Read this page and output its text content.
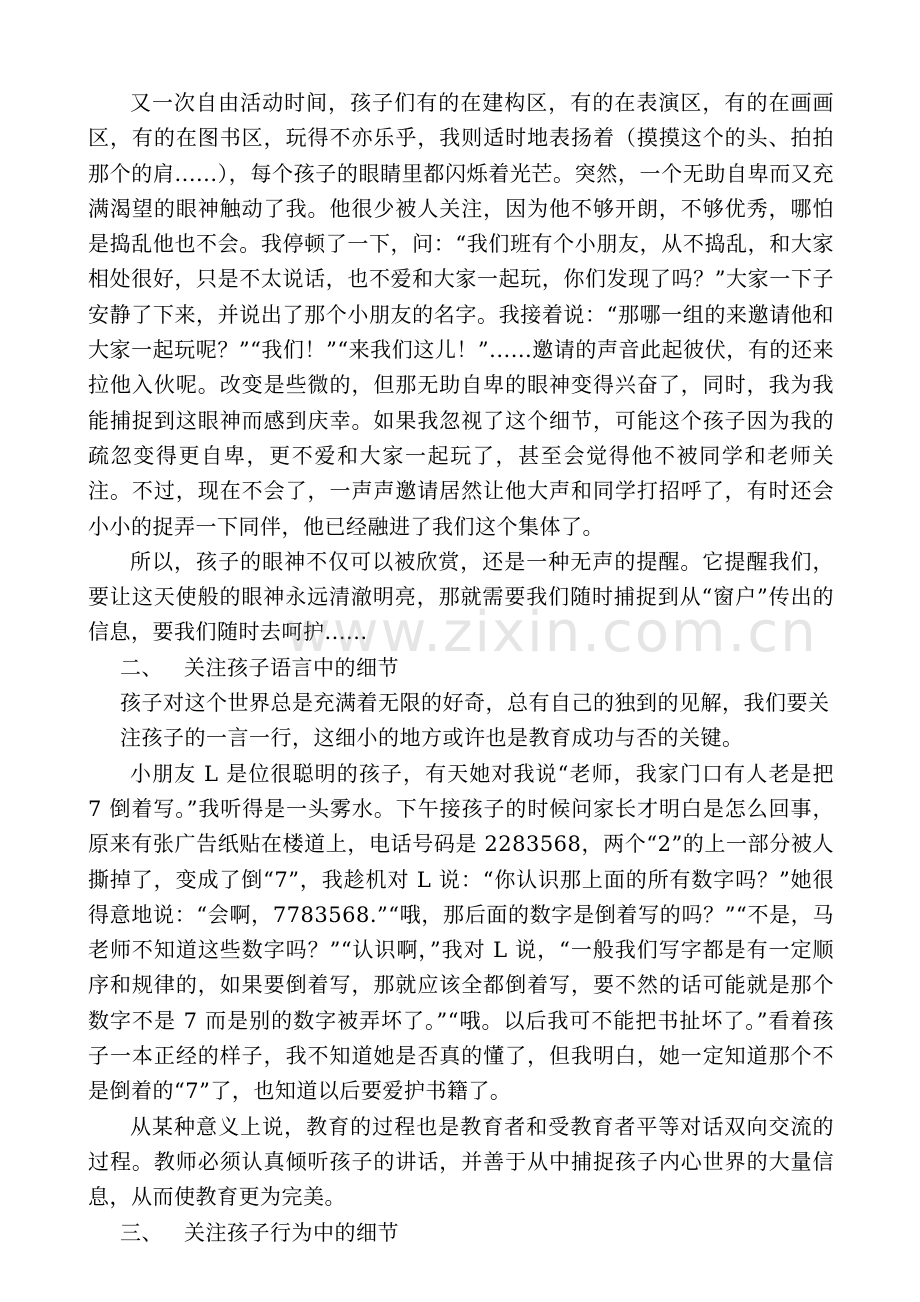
又一次自由活动时间，孩子们有的在建构区，有的在表演区，有的在画画区，有的在图书区，玩得不亦乐乎，我则适时地表扬着（摸摸这个的头、拍拍那个的肩......），每个孩子的眼睛里都闪烁着光芒。突然，一个无助自卑而又充满渴望的眼神触动了我。他很少被人关注，因为他不够开朗，不够优秀，哪怕是捣乱他也不会。我停顿了一下，问：“我们班有个小朋友，从不捣乱，和大家相处很好，只是不太说话，也不爱和大家一起玩，你们发现了吗？”大家一下子安静了下来，并说出了那个小朋友的名字。我接着说：“那哪一组的来邀请他和大家一起玩呢？”“我们！”“来我们这儿！”......邀请的声音此起彼伏，有的还来拉他入伙呢。改变是些微的，但那无助自卑的眼神变得兴奋了，同时，我为我能捕捉到这眼神而感到庆幸。如果我忽视了这个细节，可能这个孩子因为我的疏忽变得更自卑，更不爱和大家一起玩了，甚至会觉得他不被同学和老师关注。不过，现在不会了，一声声邀请居然让他大声和同学打招呼了，有时还会小小的捉弄一下同伴，他已经融进了我们这个集体了。

所以，孩子的眼神不仅可以被欣赏，还是一种无声的提醒。它提醒我们，要让这天使般的眼神永远清澈明亮，那就需要我们随时捕捉到从“窗户”传出的信息，要我们随时去呵护......

二、 关注孩子语言中的细节

孩子对这个世界总是充满着无限的好奇，总有自己的独到的见解，我们要关
注孩子的一言一行，这细小的地方或许也是教育成功与否的关键。

小朋友 L 是位很聪明的孩子，有天她对我说“老师，我家门口有人老是把 7 倒着写。”我听得是一头雾水。下午接孩子的时候问家长才明白是怎么回事，原来有张广告纸贴在楼道上，电话号码是 2283568，两个“2”的上一部分被人撕掉了，变成了倒“7”，我趁机对 L 说：“你认识那上面的所有数字吗？”她很得意地说：“会啊，7783568.”“哦，那后面的数字是倒着写的吗？”“不是，马老师不知道这些数字吗？”“认识啊，”我对 L 说，“一般我们写字都是有一定顺序和规律的，如果要倒着写，那就应该全都倒着写，要不然的话可能就是那个数字不是 7 而是别的数字被弄坏了。”“哦。以后我可不能把书扯坏了。”看着孩子一本正经的样子，我不知道她是否真的懂了，但我明白，她一定知道那个不是倒着的“7”了，也知道以后要爱护书籍了。

从某种意义上说，教育的过程也是教育者和受教育者平等对话双向交流的过程。教师必须认真倾听孩子的讲话，并善于从中捕捉孩子内心世界的大量信息，从而使教育更为完美。

三、 关注孩子行为中的细节

www.zixin.com.cn
